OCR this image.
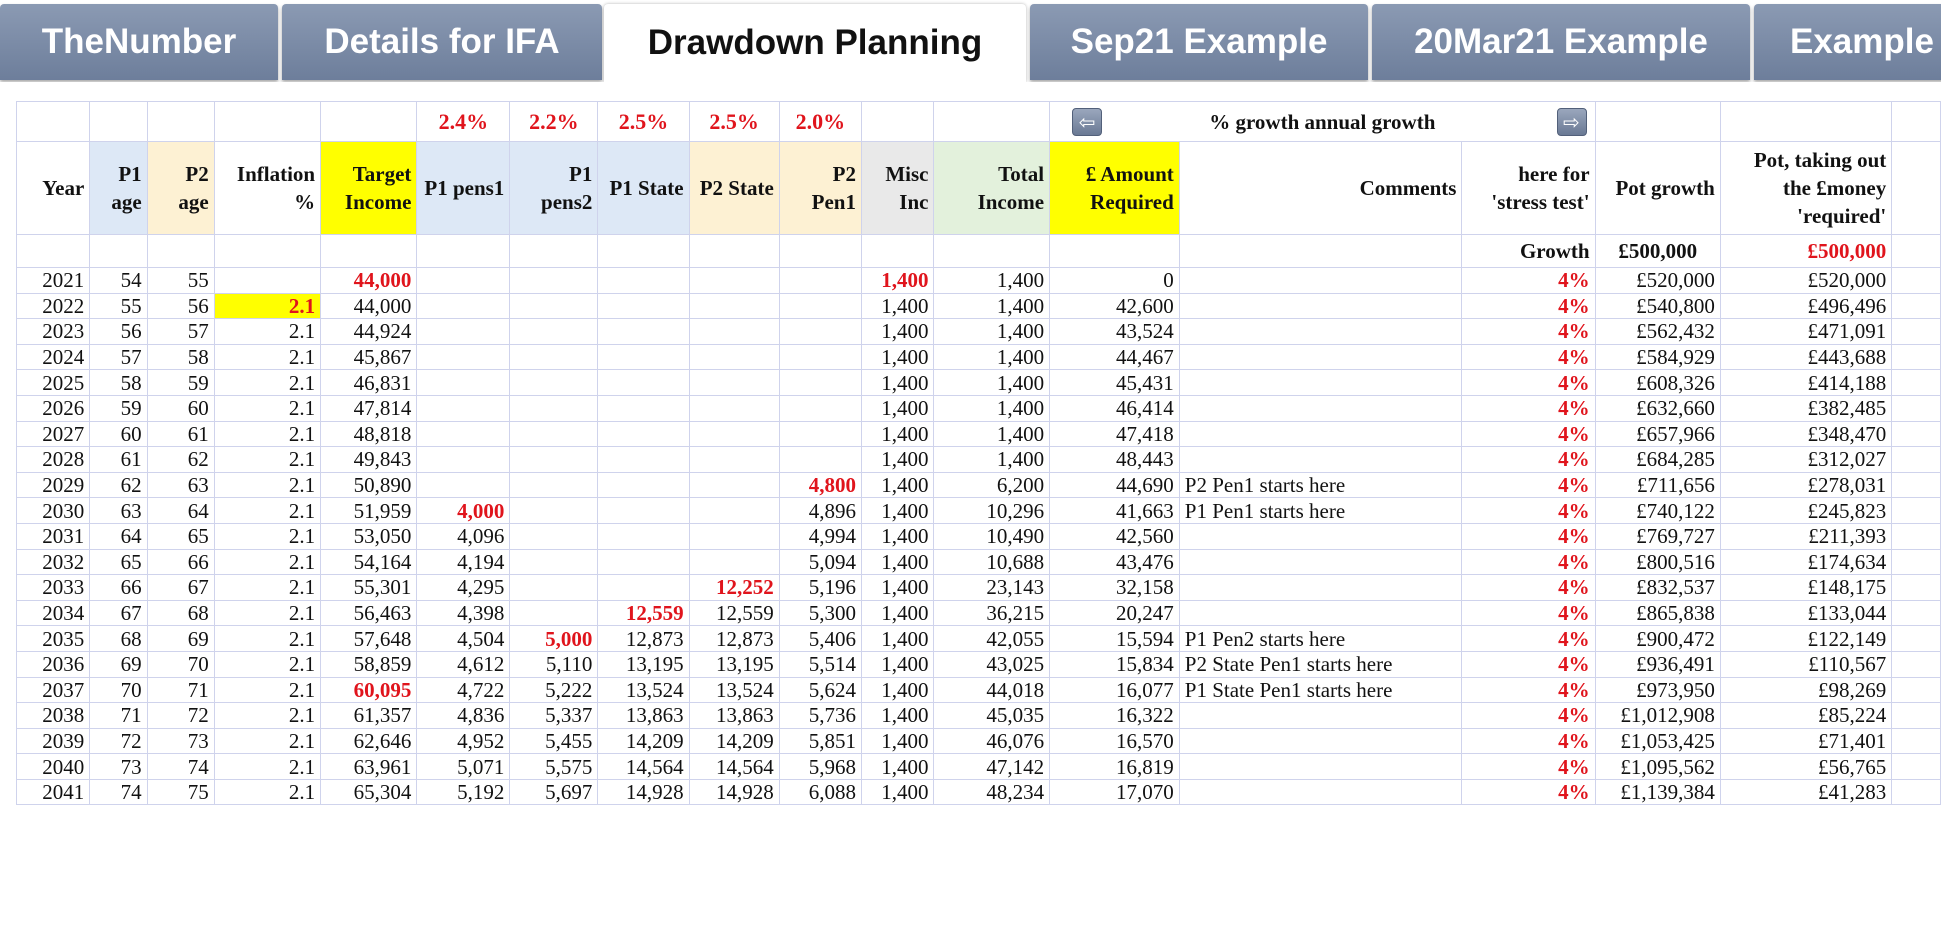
TheNumber	Details for IFA	Drawdown Planning	Sep21 Example	20Mar21 Example	Example
					2.4%	2.2%	2.5%	2.5%	2.0%			⇦ % growth annual growth ⇨					

Year	P1 age	P2 age	Inflation %	Target Income	P1 pens1	P1 pens2	P1 State	P2 State	P2 Pen1	Misc Inc	Total Income	£ Amount Required	Comments	here for 'stress test'	Pot growth	Pot, taking out the £money 'required'	
														Growth	£500,000	£500,000	
2021	54	55		44,000						1,400	1,400	0		4%	£520,000	£520,000	
2022	55	56	2.1	44,000						1,400	1,400	42,600		4%	£540,800	£496,496	
2023	56	57	2.1	44,924						1,400	1,400	43,524		4%	£562,432	£471,091	
2024	57	58	2.1	45,867						1,400	1,400	44,467		4%	£584,929	£443,688	
2025	58	59	2.1	46,831						1,400	1,400	45,431		4%	£608,326	£414,188	
2026	59	60	2.1	47,814						1,400	1,400	46,414		4%	£632,660	£382,485	
2027	60	61	2.1	48,818						1,400	1,400	47,418		4%	£657,966	£348,470	
2028	61	62	2.1	49,843						1,400	1,400	48,443		4%	£684,285	£312,027	
2029	62	63	2.1	50,890					4,800	1,400	6,200	44,690	P2 Pen1 starts here	4%	£711,656	£278,031	
2030	63	64	2.1	51,959	4,000				4,896	1,400	10,296	41,663	P1 Pen1 starts here	4%	£740,122	£245,823	
2031	64	65	2.1	53,050	4,096				4,994	1,400	10,490	42,560		4%	£769,727	£211,393	
2032	65	66	2.1	54,164	4,194				5,094	1,400	10,688	43,476		4%	£800,516	£174,634	
2033	66	67	2.1	55,301	4,295			12,252	5,196	1,400	23,143	32,158		4%	£832,537	£148,175	
2034	67	68	2.1	56,463	4,398		12,559	12,559	5,300	1,400	36,215	20,247		4%	£865,838	£133,044	
2035	68	69	2.1	57,648	4,504	5,000	12,873	12,873	5,406	1,400	42,055	15,594	P1 Pen2 starts here	4%	£900,472	£122,149	
2036	69	70	2.1	58,859	4,612	5,110	13,195	13,195	5,514	1,400	43,025	15,834	P2 State Pen1 starts here	4%	£936,491	£110,567	
2037	70	71	2.1	60,095	4,722	5,222	13,524	13,524	5,624	1,400	44,018	16,077	P1 State Pen1 starts here	4%	£973,950	£98,269	
2038	71	72	2.1	61,357	4,836	5,337	13,863	13,863	5,736	1,400	45,035	16,322		4%	£1,012,908	£85,224	
2039	72	73	2.1	62,646	4,952	5,455	14,209	14,209	5,851	1,400	46,076	16,570		4%	£1,053,425	£71,401	
2040	73	74	2.1	63,961	5,071	5,575	14,564	14,564	5,968	1,400	47,142	16,819		4%	£1,095,562	£56,765	
2041	74	75	2.1	65,304	5,192	5,697	14,928	14,928	6,088	1,400	48,234	17,070		4%	£1,139,384	£41,283	
